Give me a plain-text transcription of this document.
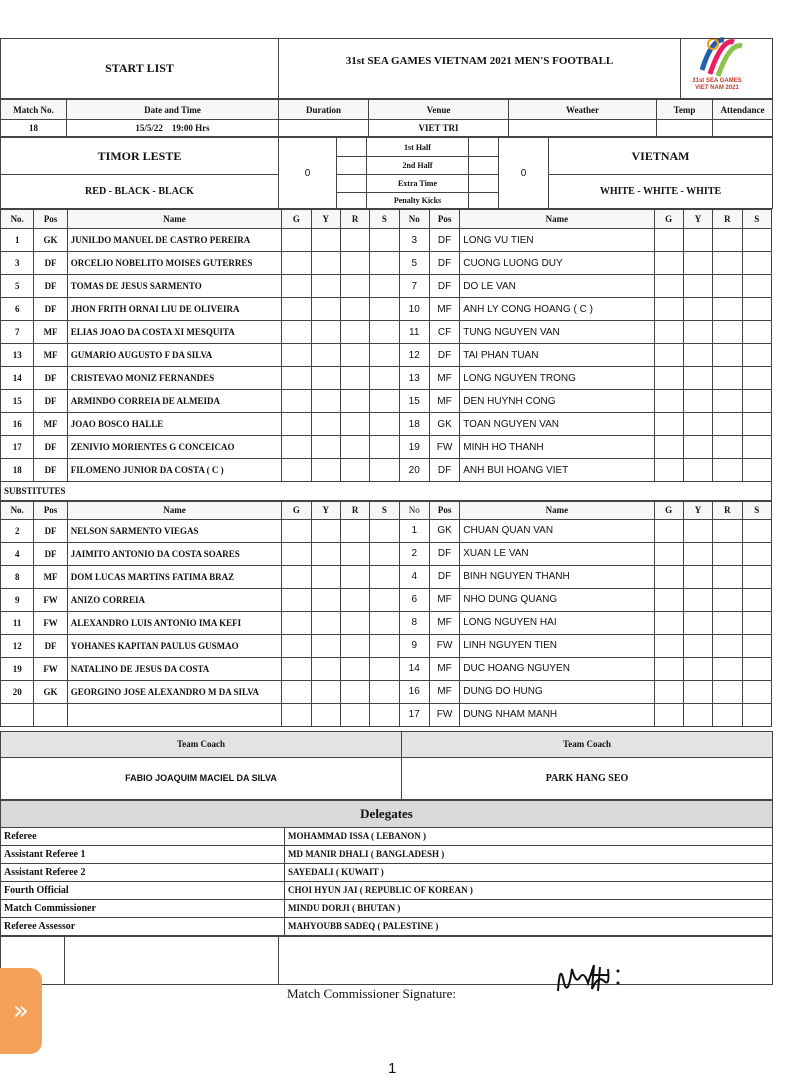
31st SEA GAMES
VIET NAM 2021
START LIST	31st SEA GAMES VIETNAM 2021 MEN'S FOOTBALL	
Match No.	Date and Time	Duration	Venue	Weather	Temp	Attendance
18	15/5/22    19:00 Hrs		VIET TRI			
TIMOR LESTE	0		1st Half		0	VIETNAM
			2nd Half			
RED - BLACK - BLACK			Extra Time			WHITE - WHITE - WHITE
			Penalty Kicks			
No.	Pos	Name	G	Y	R	S	No	Pos	Name	G	Y	R	S
1	GK	JUNILDO MANUEL DE CASTRO PEREIRA					3	DF	LONG VU TIEN				
3	DF	ORCELIO NOBELITO MOISES GUTERRES					5	DF	CUONG LUONG DUY				
5	DF	TOMAS DE JESUS SARMENTO					7	DF	DO LE VAN				
6	DF	JHON FRITH ORNAI LIU DE OLIVEIRA					10	MF	ANH LY CONG HOANG ( C )				
7	MF	ELIAS JOAO DA COSTA XI MESQUITA					11	CF	TUNG NGUYEN VAN				
13	MF	GUMARIO AUGUSTO F DA SILVA					12	DF	TAI PHAN TUAN				
14	DF	CRISTEVAO MONIZ FERNANDES					13	MF	LONG NGUYEN TRONG				
15	DF	ARMINDO CORREIA DE ALMEIDA					15	MF	DEN HUYNH CONG				
16	MF	JOAO BOSCO HALLE					18	GK	TOAN NGUYEN VAN				
17	DF	ZENIVIO MORIENTES G CONCEICAO					19	FW	MINH HO THANH				
18	DF	FILOMENO JUNIOR DA COSTA ( C )					20	DF	ANH BUI HOANG VIET				
SUBSTITUTES
No.	Pos	Name	G	Y	R	S	No	Pos	Name	G	Y	R	S
2	DF	NELSON SARMENTO VIEGAS					1	GK	CHUAN QUAN VAN				
4	DF	JAIMITO ANTONIO DA COSTA SOARES					2	DF	XUAN LE VAN				
8	MF	DOM LUCAS MARTINS FATIMA BRAZ					4	DF	BINH NGUYEN THANH				
9	FW	ANIZO CORREIA					6	MF	NHO DUNG QUANG				
11	FW	ALEXANDRO LUIS ANTONIO IMA KEFI					8	MF	LONG NGUYEN HAI				
12	DF	YOHANES KAPITAN PAULUS GUSMAO					9	FW	LINH NGUYEN TIEN				
19	FW	NATALINO DE JESUS DA COSTA					14	MF	DUC HOANG NGUYEN				
20	GK	GEORGINO JOSE ALEXANDRO M DA SILVA					16	MF	DUNG DO HUNG				
							17	FW	DUNG NHAM MANH				
Team Coach	Team Coach
FABIO JOAQUIM MACIEL DA SILVA	PARK HANG SEO
Delegates	
Referee	MOHAMMAD ISSA ( LEBANON )
Assistant Referee 1	MD MANIR DHALI ( BANGLADESH )
Assistant Referee 2	SAYEDALI ( KUWAIT )
Fourth Official	CHOI HYUN JAI ( REPUBLIC OF KOREAN )
Match Commissioner	MINDU DORJI ( BHUTAN )
Referee Assessor	MAHYOUBB SADEQ ( PALESTINE )

Match Commissioner Signature:
»
1
